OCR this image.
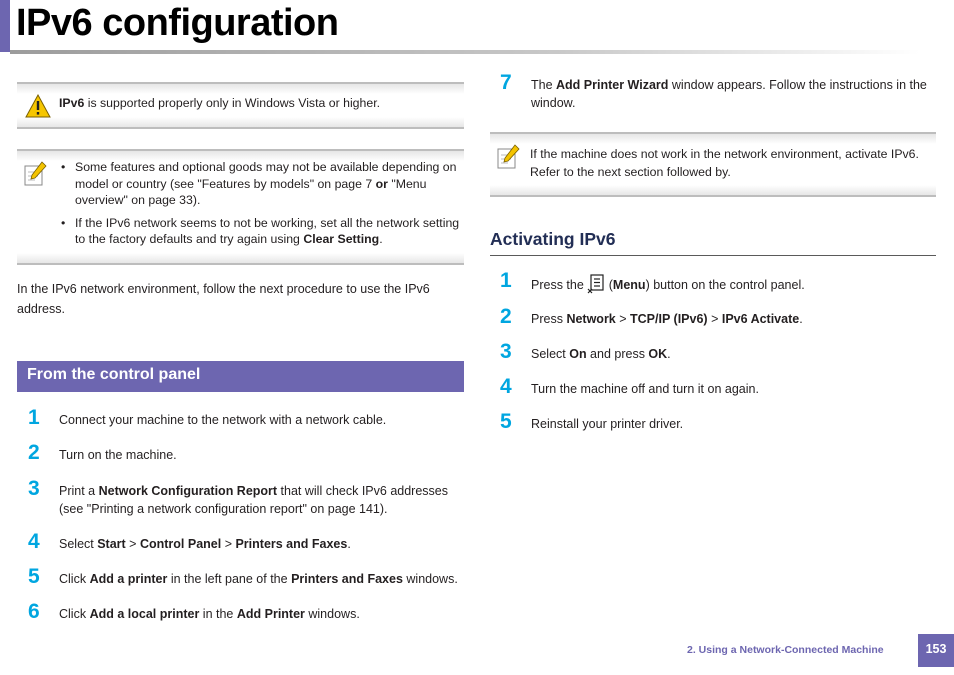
IPv6 configuration
IPv6 is supported properly only in Windows Vista or higher.
• Some features and optional goods may not be available depending on model or country (see "Features by models" on page 7 or "Menu overview" on page 33).
• If the IPv6 network seems to not be working, set all the network setting to the factory defaults and try again using Clear Setting.
In the IPv6 network environment, follow the next procedure to use the IPv6 address.
From the control panel
1 Connect your machine to the network with a network cable.
2 Turn on the machine.
3 Print a Network Configuration Report that will check IPv6 addresses (see "Printing a network configuration report" on page 141).
4 Select Start > Control Panel > Printers and Faxes.
5 Click Add a printer in the left pane of the Printers and Faxes windows.
6 Click Add a local printer in the Add Printer windows.
7 The Add Printer Wizard window appears. Follow the instructions in the window.
If the machine does not work in the network environment, activate IPv6. Refer to the next section followed by.
Activating IPv6
1 Press the  (Menu) button on the control panel.
2 Press Network > TCP/IP (IPv6) > IPv6 Activate.
3 Select On and press OK.
4 Turn the machine off and turn it on again.
5 Reinstall your printer driver.
2. Using a Network-Connected Machine	153
